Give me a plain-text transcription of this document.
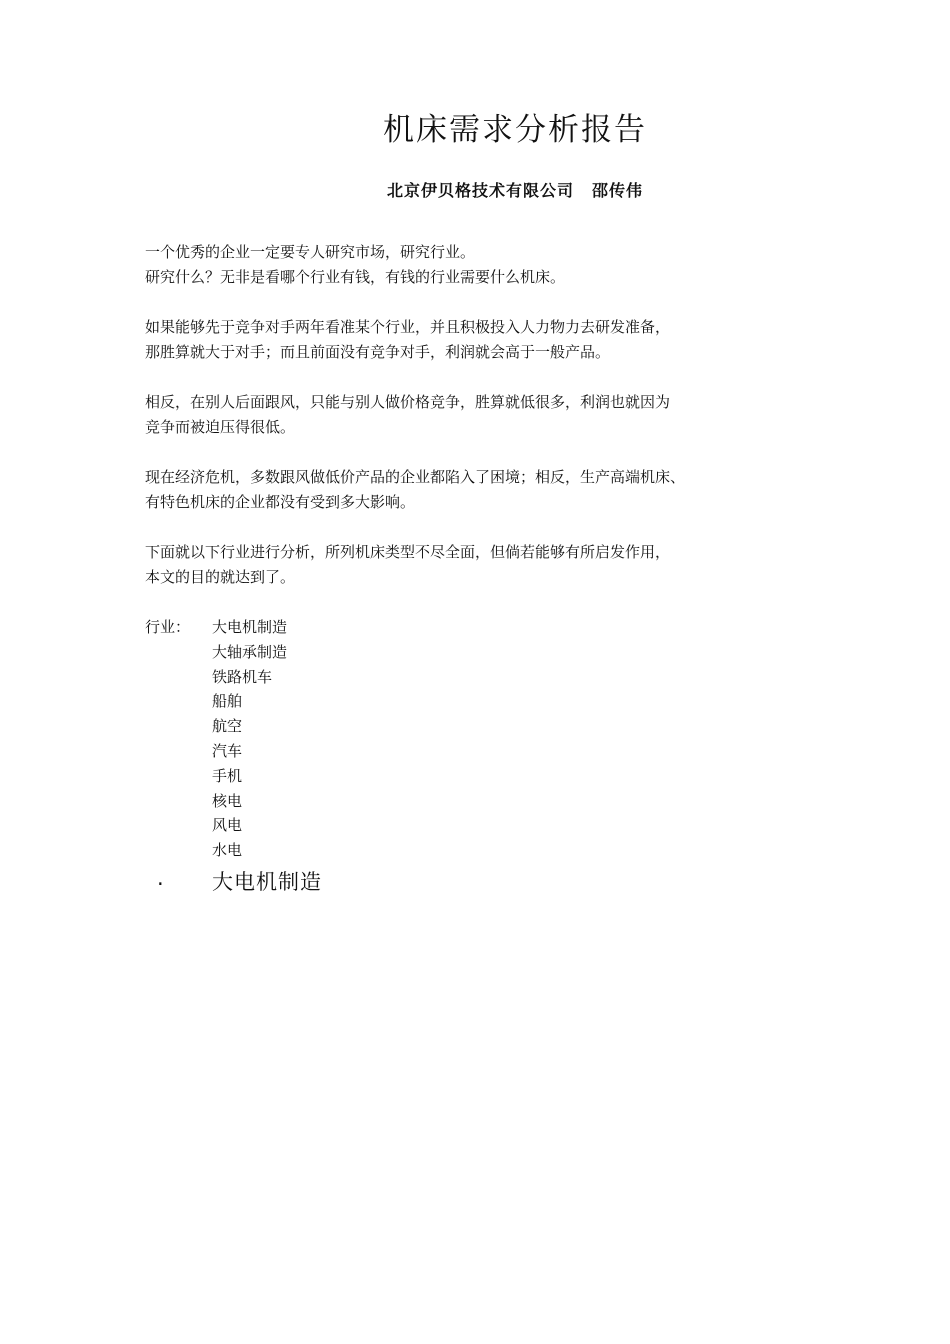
机床需求分析报告

北京伊贝格技术有限公司 邵传伟

一个优秀的企业一定要专人研究市场，研究行业。
研究什么？无非是看哪个行业有钱，有钱的行业需要什么机床。

如果能够先于竞争对手两年看准某个行业，并且积极投入人力物力去研发准备，
那胜算就大于对手；而且前面没有竞争对手，利润就会高于一般产品。

相反，在别人后面跟风，只能与别人做价格竞争，胜算就低很多，利润也就因为
竞争而被迫压得很低。

现在经济危机，多数跟风做低价产品的企业都陷入了困境；相反，生产高端机床、
有特色机床的企业都没有受到多大影响。

下面就以下行业进行分析，所列机床类型不尽全面，但倘若能够有所启发作用，
本文的目的就达到了。

行业：	大电机制造
大轴承制造
铁路机车
船舶
航空
汽车
手机
核电
风电
水电
.	大电机制造
